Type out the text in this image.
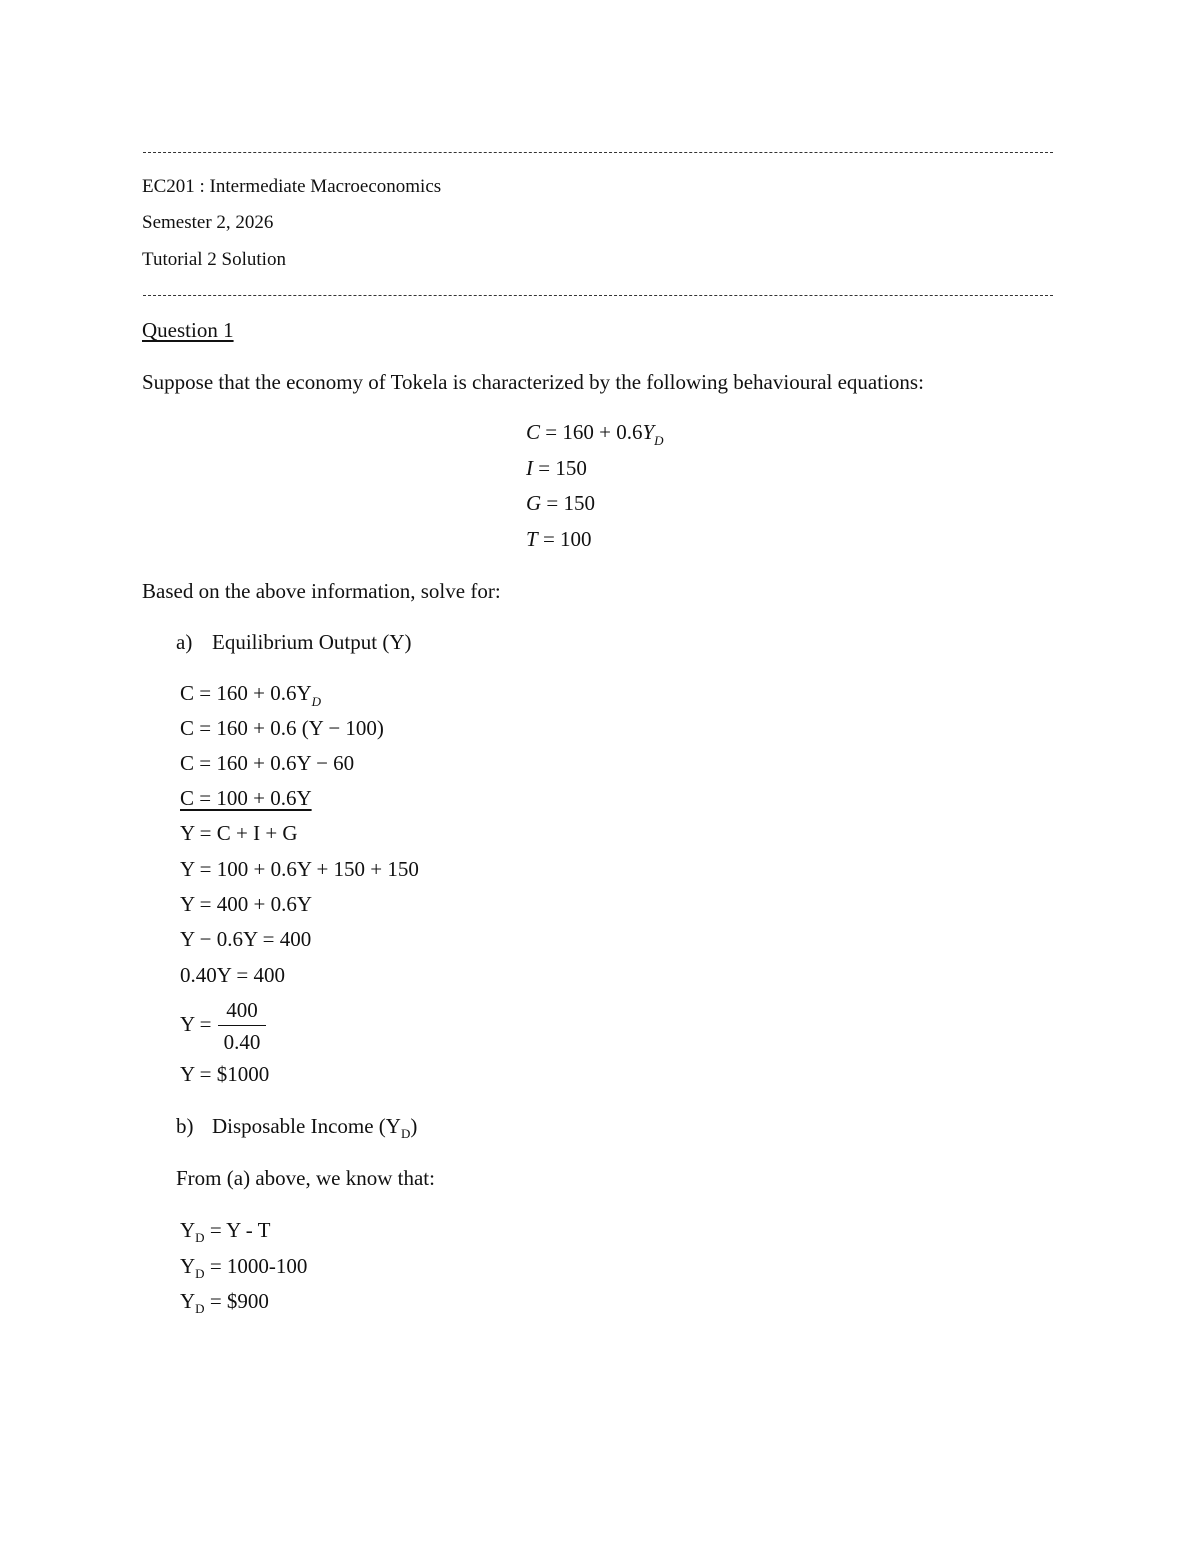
EC201 : Intermediate Macroeconomics
Semester 2, 2026
Tutorial 2 Solution
Question 1
Suppose that the economy of Tokela is characterized by the following behavioural equations:
$C = 160 + 0.6Y_D$
I = 150
G = 150
T = 100
Based on the above information, solve for:
a) Equilibrium Output (Y)
$C = 160 + 0.6Y_D$
C = 160 + 0.6 (Y − 100)
C = 160 + 0.6Y − 60
C = 100 + 0.6Y
Y = C + I + G
Y = 100 + 0.6Y + 150 + 150
Y = 400 + 0.6Y
Y − 0.6Y = 400
0.40Y = 400
Y =
400
0.40
Y = $1000
b) Disposable Income $(Y_D)$
From (a) above, we know that:
$Y_D = Y - T$
$Y_D = 1000-100$
$Y_D$ = $900
